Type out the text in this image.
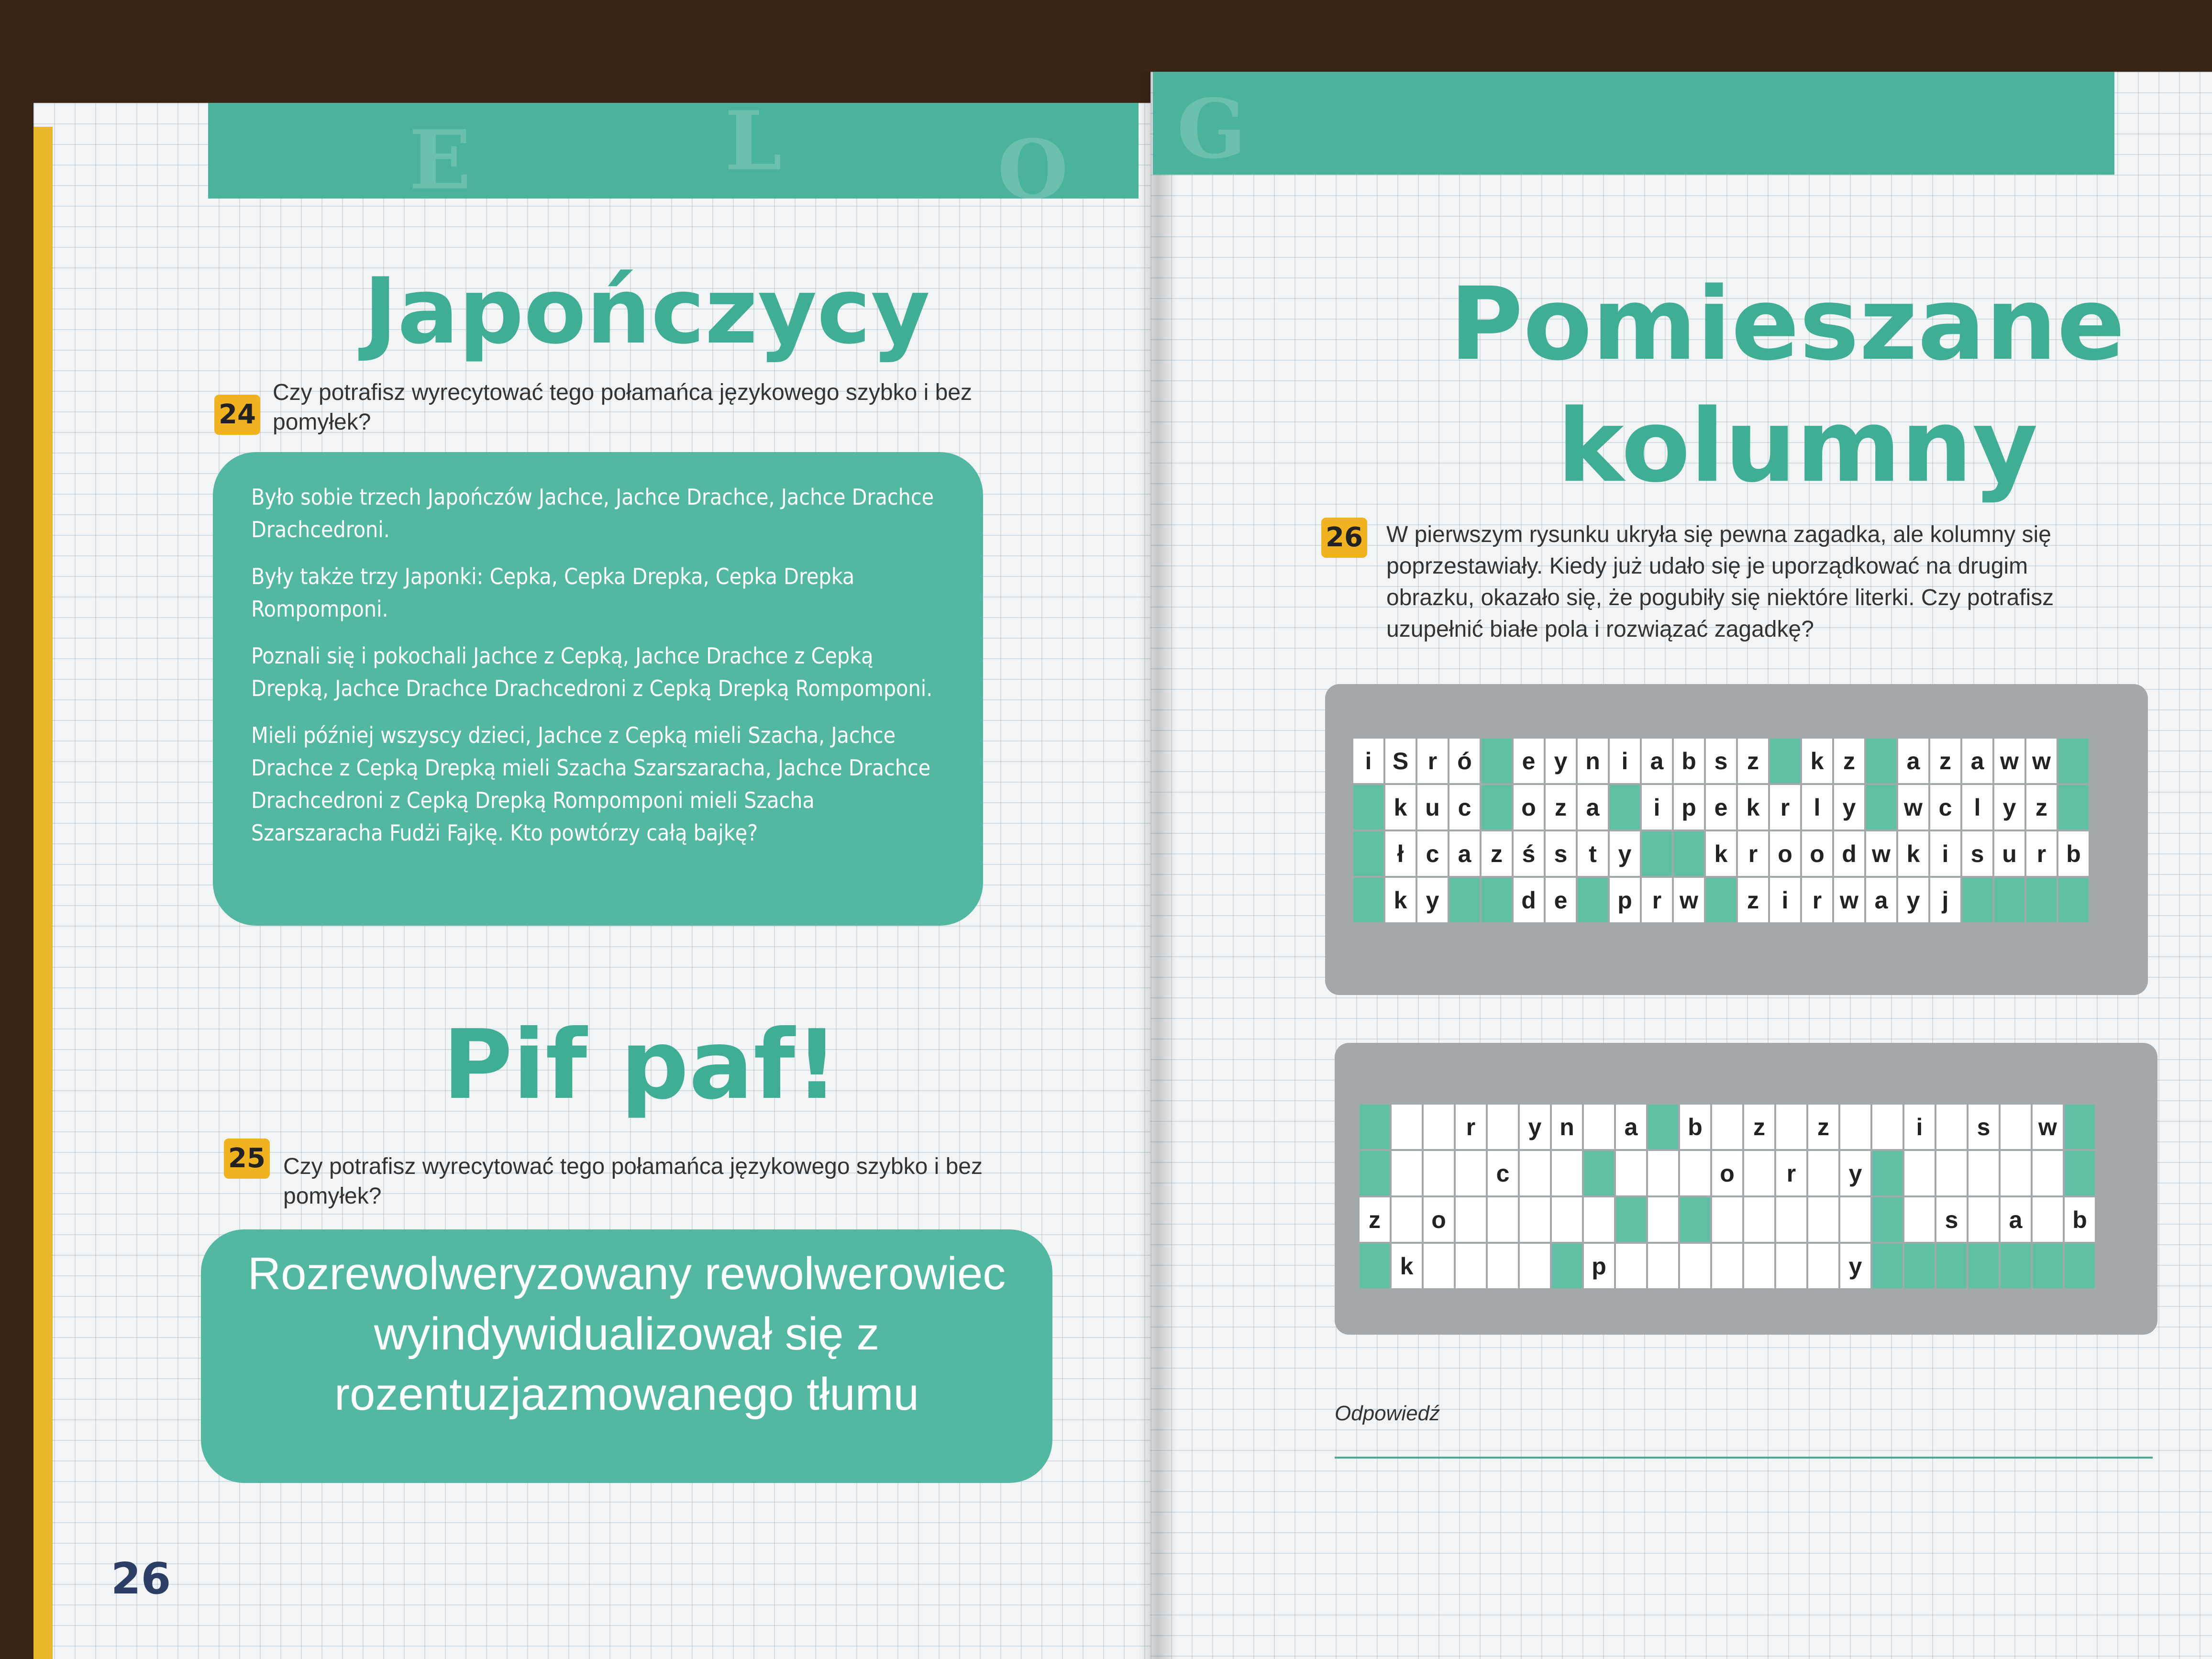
E	L	O G
Japończycy
24
Czy potrafisz wyrecytować tego połamańca językowego szybko i bez pomyłek?

Było sobie trzech Japończów Jachce, Jachce Drachce, Jachce Drachce Drachcedroni.

Były także trzy Japonki: Cepka, Cepka Drepka, Cepka Drepka Rompomponi.

Poznali się i pokochali Jachce z Cepką, Jachce Drachce z Cepką Drepką, Jachce Drachce Drachcedroni z Cepką Drepką Rompomponi.

Mieli później wszyscy dzieci, Jachce z Cepką mieli Szacha, Jachce Drachce z Cepką Drepką mieli Szacha Szarszaracha, Jachce Drachce Drachcedroni z Cepką Drepką Rompomponi mieli Szacha Szarszaracha Fudżi Fajkę. Kto powtórzy całą bajkę?

Pif paf!
25 Czy potrafisz wyrecytować tego połamańca językowego szybko i bez pomyłek?
Rozrewolweryzowany rewolwerowiec wyindywidualizował się z rozentuzjazmowanego tłumu
26
Pomieszane
kolumny
26 W pierwszym rysunku ukryła się pewna zagadka, ale kolumny się poprzestawiały. Kiedy już udało się je uporządkować na drugim obrazku, okazało się, że pogubiły się niektóre literki. Czy potrafisz uzupełnić białe pola i rozwiązać zagadkę?
i	S	r	ó		e	y	n	i	a	b	s	z		k	z		a	z	a	w	w	
	k	u	c		o	z	a		i	p	e	k	r	l	y		w	c	l	y	z	
	ł	c	a	z	ś	s	t	y			k	r	o	o	d	w	k	i	s	u	r	b
	k	y			d	e		p	r	w		z	i	r	w	a	y	j				
			r		y	n		a		b		z		z			i		s		w	
				c							o		r		y							
z		o																s		a		b
	k						p								y							
Odpowiedź
